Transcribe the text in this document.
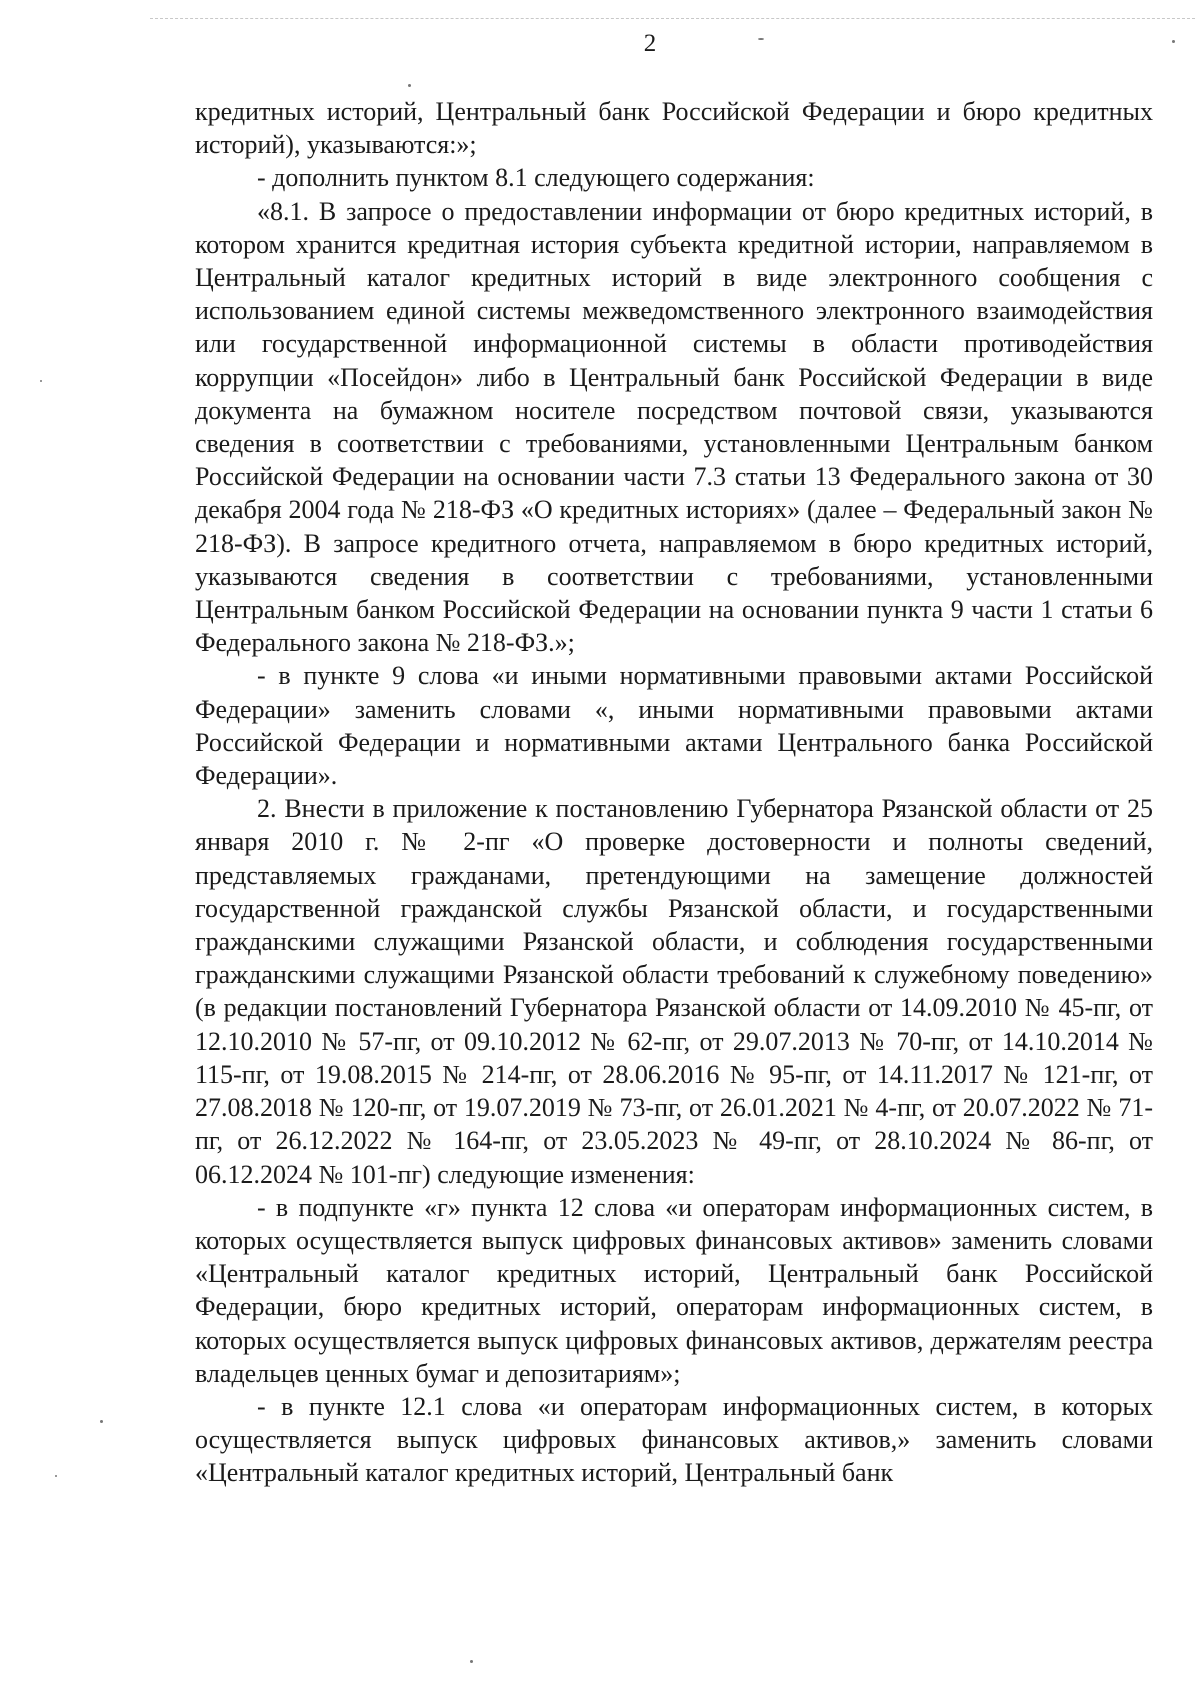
2

кредитных историй, Центральный банк Российской Федерации и бюро кредитных историй), указываются:»;

- дополнить пунктом 8.1 следующего содержания:

«8.1. В запросе о предоставлении информации от бюро кредитных историй, в котором хранится кредитная история субъекта кредитной истории, направляемом в Центральный каталог кредитных историй в виде электронного сообщения с использованием единой системы межведомственного электронного взаимодействия или государственной информационной системы в области противодействия коррупции «Посейдон» либо в Центральный банк Российской Федерации в виде документа на бумажном носителе посредством почтовой связи, указываются сведения в соответствии с требованиями, установленными Центральным банком Российской Федерации на основании части 7.3 статьи 13 Федерального закона от 30 декабря 2004 года № 218-ФЗ «О кредитных историях» (далее – Федеральный закон № 218-ФЗ). В запросе кредитного отчета, направляемом в бюро кредитных историй, указываются сведения в соответствии с требованиями, установленными Центральным банком Российской Федерации на основании пункта 9 части 1 статьи 6 Федерального закона № 218-ФЗ.»;

- в пункте 9 слова «и иными нормативными правовыми актами Российской Федерации» заменить словами «, иными нормативными правовыми актами Российской Федерации и нормативными актами Центрального банка Российской Федерации».

2. Внести в приложение к постановлению Губернатора Рязанской области от 25 января 2010 г. № 2-пг «О проверке достоверности и полноты сведений, представляемых гражданами, претендующими на замещение должностей государственной гражданской службы Рязанской области, и государственными гражданскими служащими Рязанской области, и соблюдения государственными гражданскими служащими Рязанской области требований к служебному поведению» (в редакции постановлений Губернатора Рязанской области от 14.09.2010 № 45-пг, от 12.10.2010 № 57-пг, от 09.10.2012 № 62-пг, от 29.07.2013 № 70-пг, от 14.10.2014 № 115-пг, от 19.08.2015 № 214-пг, от 28.06.2016 № 95-пг, от 14.11.2017 № 121-пг, от 27.08.2018 № 120-пг, от 19.07.2019 № 73-пг, от 26.01.2021 № 4-пг, от 20.07.2022 № 71-пг, от 26.12.2022 № 164-пг, от 23.05.2023 № 49-пг, от 28.10.2024 № 86-пг, от 06.12.2024 № 101-пг) следующие изменения:

- в подпункте «г» пункта 12 слова «и операторам информационных систем, в которых осуществляется выпуск цифровых финансовых активов» заменить словами «Центральный каталог кредитных историй, Центральный банк Российской Федерации, бюро кредитных историй, операторам информационных систем, в которых осуществляется выпуск цифровых финансовых активов, держателям реестра владельцев ценных бумаг и депозитариям»;

- в пункте 12.1 слова «и операторам информационных систем, в которых осуществляется выпуск цифровых финансовых активов,» заменить словами «Центральный каталог кредитных историй, Центральный банк
